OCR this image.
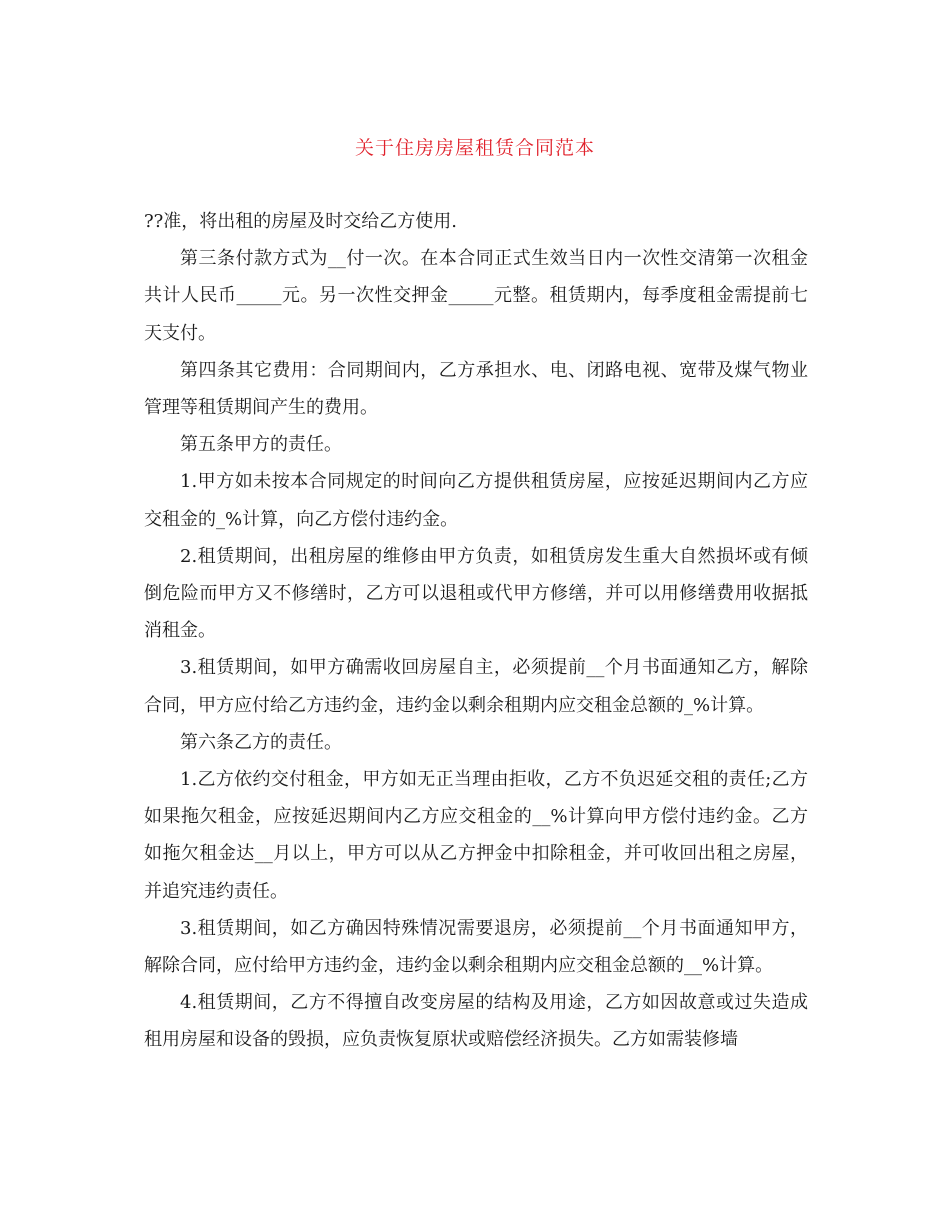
关于住房房屋租赁合同范本

??准，将出租的房屋及时交给乙方使用.

第三条付款方式为__付一次。在本合同正式生效当日内一次性交清第一次租金共计人民币_____元。另一次性交押金_____元整。租赁期内，每季度租金需提前七天支付。

第四条其它费用：合同期间内，乙方承担水、电、闭路电视、宽带及煤气物业管理等租赁期间产生的费用。

第五条甲方的责任。

1.甲方如未按本合同规定的时间向乙方提供租赁房屋，应按延迟期间内乙方应交租金的_%计算，向乙方偿付违约金。

2.租赁期间，出租房屋的维修由甲方负责，如租赁房发生重大自然损坏或有倾倒危险而甲方又不修缮时，乙方可以退租或代甲方修缮，并可以用修缮费用收据抵消租金。

3.租赁期间，如甲方确需收回房屋自主，必须提前__个月书面通知乙方，解除合同，甲方应付给乙方违约金，违约金以剩余租期内应交租金总额的_%计算。

第六条乙方的责任。

1.乙方依约交付租金，甲方如无正当理由拒收，乙方不负迟延交租的责任;乙方如果拖欠租金，应按延迟期间内乙方应交租金的__%计算向甲方偿付违约金。乙方如拖欠租金达__月以上，甲方可以从乙方押金中扣除租金，并可收回出租之房屋，并追究违约责任。

3.租赁期间，如乙方确因特殊情况需要退房，必须提前__个月书面通知甲方，解除合同，应付给甲方违约金，违约金以剩余租期内应交租金总额的__%计算。

4.租赁期间，乙方不得擅自改变房屋的结构及用途，乙方如因故意或过失造成租用房屋和设备的毁损，应负责恢复原状或赔偿经济损失。乙方如需装修墙
